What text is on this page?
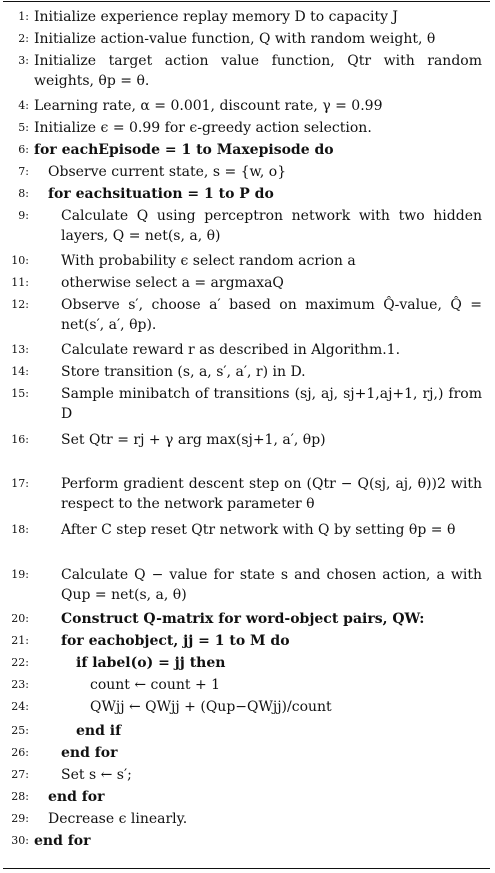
1: Initialize experience replay memory D to capacity J
2: Initialize action-value function, Q with random weight, θ
3: Initialize target action value function, Qtr with random weights, θp = θ.
4: Learning rate, α = 0.001, discount rate, γ = 0.99
5: Initialize ϵ = 0.99 for ϵ-greedy action selection.
6: for eachEpisode = 1 to Maxepisode do
7: Observe current state, s = {w, o}
8: for eachsituation = 1 to P do
9: Calculate Q using perceptron network with two hidden layers, Q = net(s, a, θ)
10: With probability ϵ select random acrion a
11: otherwise select a = argmaxaQ
12: Observe s′, choose a′ based on maximum Q̂-value, Q̂ = net(s′, a′, θp).
13: Calculate reward r as described in Algorithm.1.
14: Store transition (s, a, s′, a′, r) in D.
15: Sample minibatch of transitions (sj, aj, sj+1,aj+1, rj,) from D
16: Set Qtr = rj + γ arg max(sj+1, a′, θp)
17: Perform gradient descent step on (Qtr − Q(sj, aj, θ))2 with respect to the network parameter θ
18: After C step reset Qtr network with Q by setting θp = θ
19: Calculate Q − value for state s and chosen action, a with Qup = net(s, a, θ)
20: Construct Q-matrix for word-object pairs, QW:
21: for eachobject, jj = 1 to M do
22:	if label(o) = jj then
23:	count ← count + 1
24:	QWjj ← QWjj + (Qup−QWjj)/count
25:	end if
26: end for
27: Set s ← s′;
28: end for
29: Decrease ϵ linearly.
30: end for
